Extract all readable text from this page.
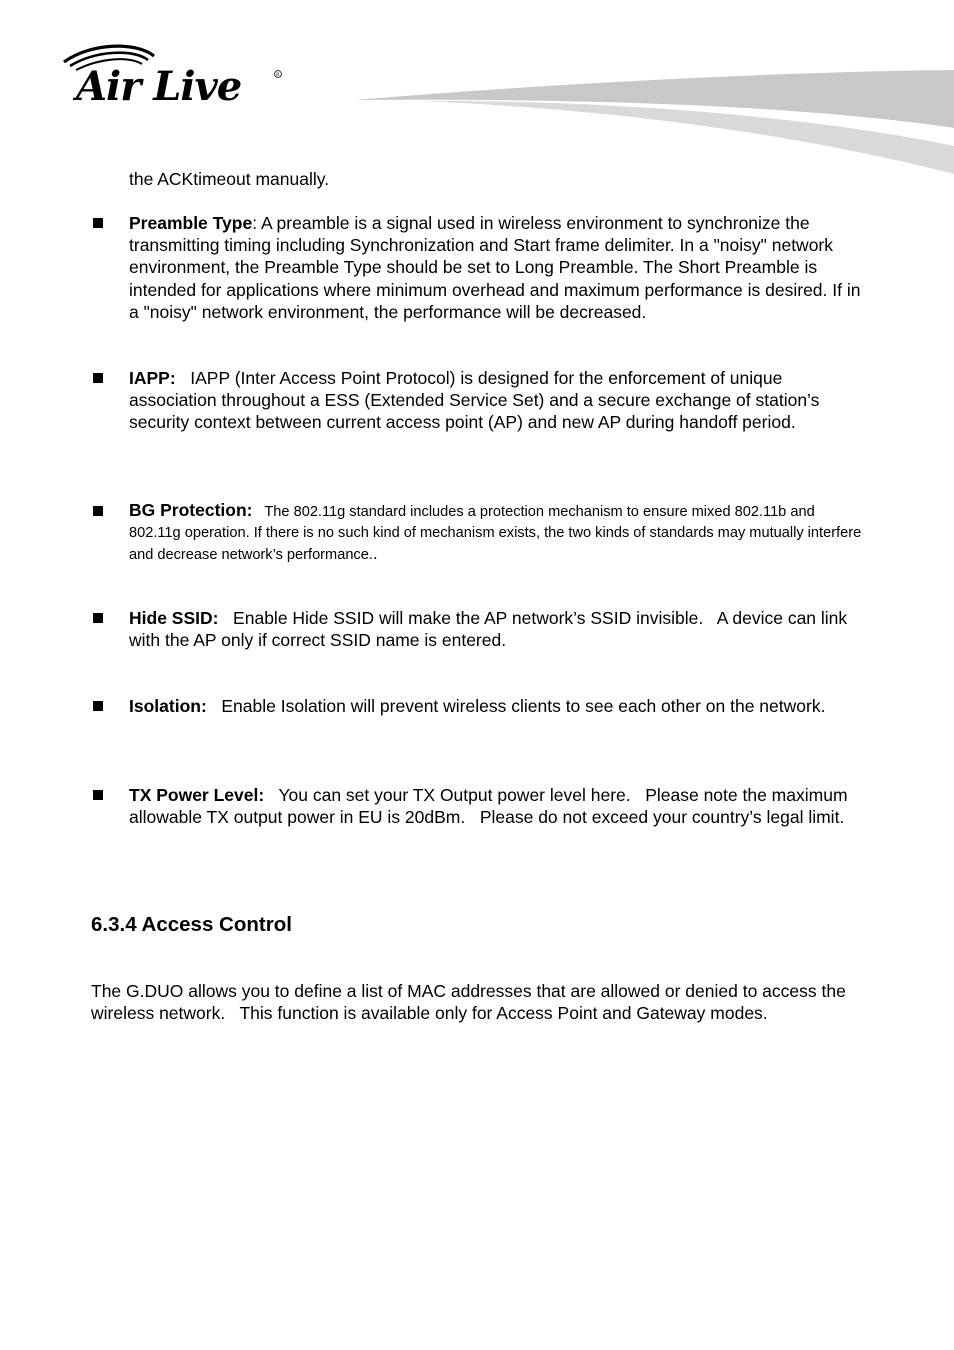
Air Live	R

the ACKtimeout manually.

Preamble Type: A preamble is a signal used in wireless environment to synchronize the transmitting timing including Synchronization and Start frame delimiter. In a "noisy" network environment, the Preamble Type should be set to Long Preamble. The Short Preamble is intended for applications where minimum overhead and maximum performance is desired. If in a "noisy" network environment, the performance will be decreased.

IAPP:   IAPP (Inter Access Point Protocol) is designed for the enforcement of unique association throughout a ESS (Extended Service Set) and a secure exchange of station’s security context between current access point (AP) and new AP during handoff period.

BG Protection:   The 802.11g standard includes a protection mechanism to ensure mixed 802.11b and 802.11g operation. If there is no such kind of mechanism exists, the two kinds of standards may mutually interfere and decrease network’s performance..

Hide SSID:   Enable Hide SSID will make the AP network’s SSID invisible.   A device can link with the AP only if correct SSID name is entered.

Isolation:   Enable Isolation will prevent wireless clients to see each other on the network.

TX Power Level:   You can set your TX Output power level here.   Please note the maximum allowable TX output power in EU is 20dBm.   Please do not exceed your country’s legal limit.

6.3.4 Access Control

The G.DUO allows you to define a list of MAC addresses that are allowed or denied to access the wireless network.   This function is available only for Access Point and Gateway modes.
